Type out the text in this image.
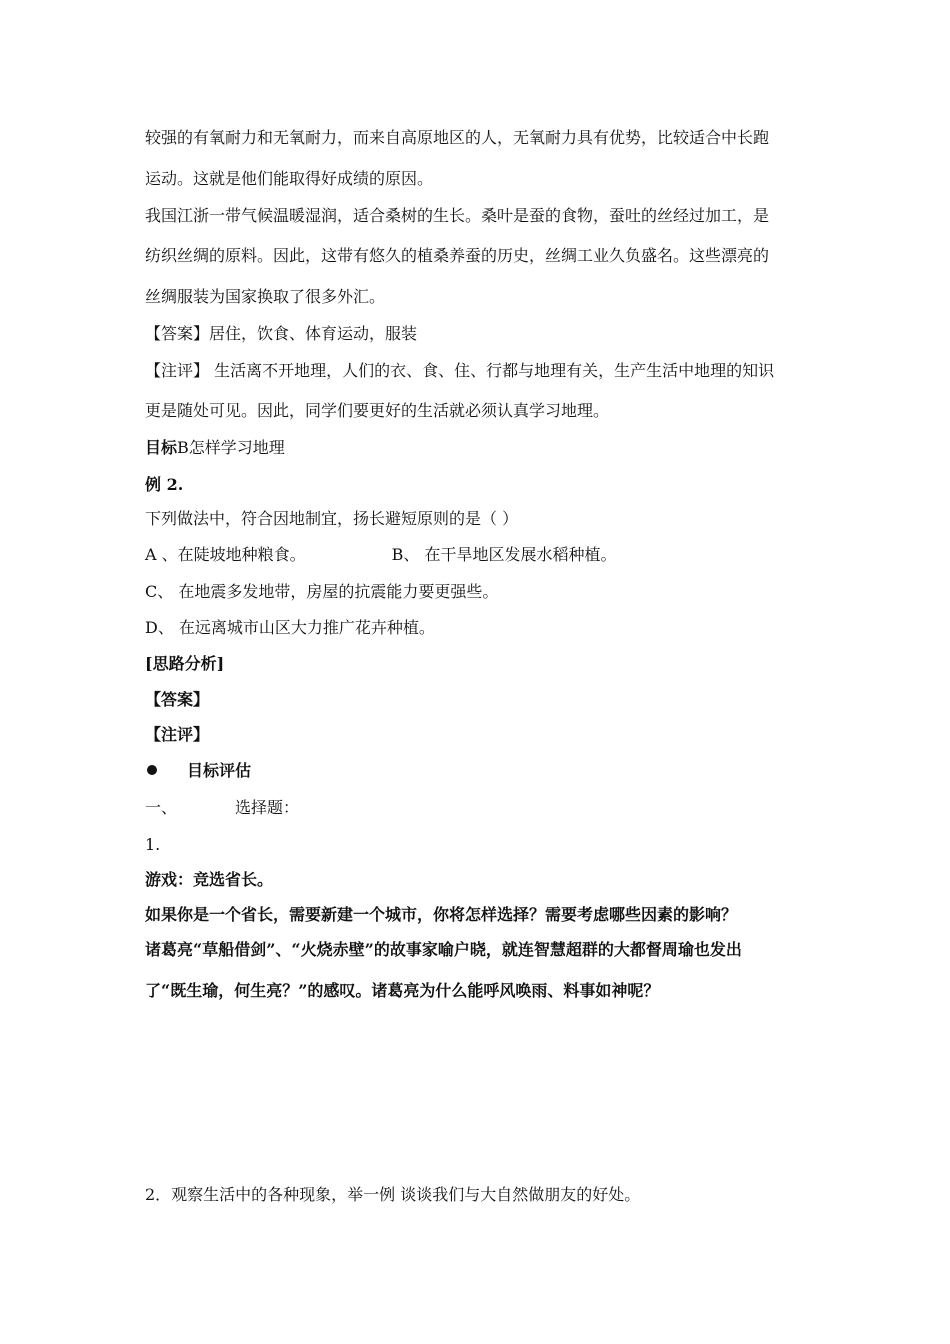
较强的有氧耐力和无氧耐力，而来自高原地区的人，无氧耐力具有优势，比较适合中长跑
运动。这就是他们能取得好成绩的原因。
我国江浙一带气候温暖湿润，适合桑树的生长。桑叶是蚕的食物，蚕吐的丝经过加工，是
纺织丝绸的原料。因此，这带有悠久的植桑养蚕的历史，丝绸工业久负盛名。这些漂亮的
丝绸服装为国家换取了很多外汇。
【答案】居住，饮食、体育运动，服装
【注评】 生活离不开地理，人们的衣、食、住、行都与地理有关，生产生活中地理的知识
更是随处可见。因此，同学们要更好的生活就必须认真学习地理。
目标B怎样学习地理
例 2.
下列做法中，符合因地制宜，扬长避短原则的是（ ）
A 、在陡坡地种粮食。	B、 在干旱地区发展水稻种植。
C、 在地震多发地带，房屋的抗震能力要更强些。
D、 在远离城市山区大力推广花卉种植。
[思路分析]
【答案】
【注评】
目标评估
一、	选择题：
1.
游戏：竞选省长。
如果你是一个省长，需要新建一个城市，你将怎样选择？需要考虑哪些因素的影响？
诸葛亮“草船借剑”、“火烧赤壁”的故事家喻户晓，就连智慧超群的大都督周瑜也发出
了“既生瑜，何生亮？”的感叹。诸葛亮为什么能呼风唤雨、料事如神呢？
2．观察生活中的各种现象，举一例 谈谈我们与大自然做朋友的好处。
